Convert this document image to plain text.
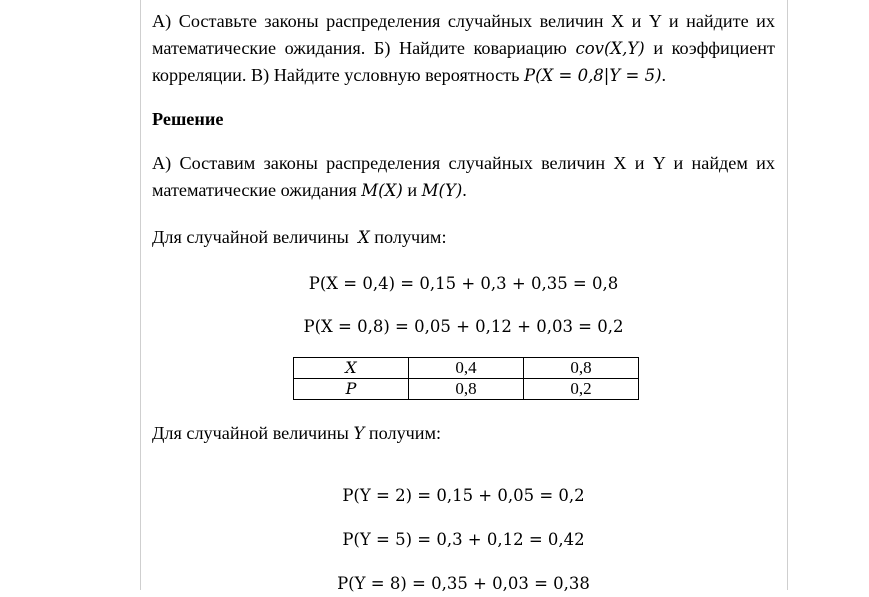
А) Составьте законы распределения случайных величин X и Y и найдите их

математические ожидания. Б) Найдите ковариацию cov(X,Y) и коэффициент

корреляции. В) Найдите условную вероятность P(X = 0,8|Y = 5).

Решение

А) Составим законы распределения случайных величин X и Y и найдем их

математические ожидания M(X) и M(Y).

Для случайной величины  X получим:

P(X = 0,4) = 0,15 + 0,3 + 0,35 = 0,8
P(X = 0,8) = 0,05 + 0,12 + 0,03 = 0,2
X	0,4	0,8
P	0,8	0,2

Для случайной величины Y получим:

P(Y = 2) = 0,15 + 0,05 = 0,2
P(Y = 5) = 0,3 + 0,12 = 0,42
P(Y = 8) = 0,35 + 0,03 = 0,38
